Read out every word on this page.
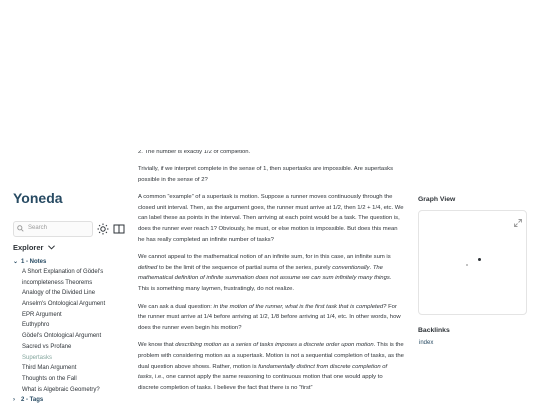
Yoneda
Search
Explorer
⌄ 1 - Notes
A Short Explanation of Gödel's
incompleteness Theorems
Analogy of the Divided Line
Anselm's Ontological Argument
EPR Argument
Euthyphro
Gödel's Ontological Argument
Sacred vs Profane
Supertasks
Third Man Argument
Thoughts on the Fall
What is Algebraic Geometry?
› 2 - Tags
2. The number is exactly 1/2 of completion.

Trivially, if we interpret complete in the sense of 1, then supertasks are impossible. Are supertasks possible in the sense of 2?

A common “example” of a supertask is motion. Suppose a runner moves continuously through the closed unit interval. Then, as the argument goes, the runner must arrive at 1/2, then 1/2 + 1/4, etc. We can label these as points in the interval. Then arriving at each point would be a task. The question is, does the runner ever reach 1? Obviously, he must, or else motion is impossible. But does this mean he has really completed an infinite number of tasks?

We cannot appeal to the mathematical notion of an infinite sum, for in this case, an infinite sum is defined to be the limit of the sequence of partial sums of the series, purely conventionally. The mathematical definition of infinite summation does not assume we can sum infinitely many things. This is something many laymen, frustratingly, do not realize.

We can ask a dual question: in the motion of the runner, what is the first task that is completed? For the runner must arrive at 1/4 before arriving at 1/2, 1/8 before arriving at 1/4, etc. In other words, how does the runner even begin his motion?

We know that describing motion as a series of tasks imposes a discrete order upon motion. This is the problem with considering motion as a supertask. Motion is not a sequential completion of tasks, as the dual question above shows. Rather, motion is fundamentally distinct from discrete completion of tasks, i.e., one cannot apply the same reasoning to continuous motion that one would apply to discrete completion of tasks. I believe the fact that there is no “first”

Graph View
Backlinks
index
